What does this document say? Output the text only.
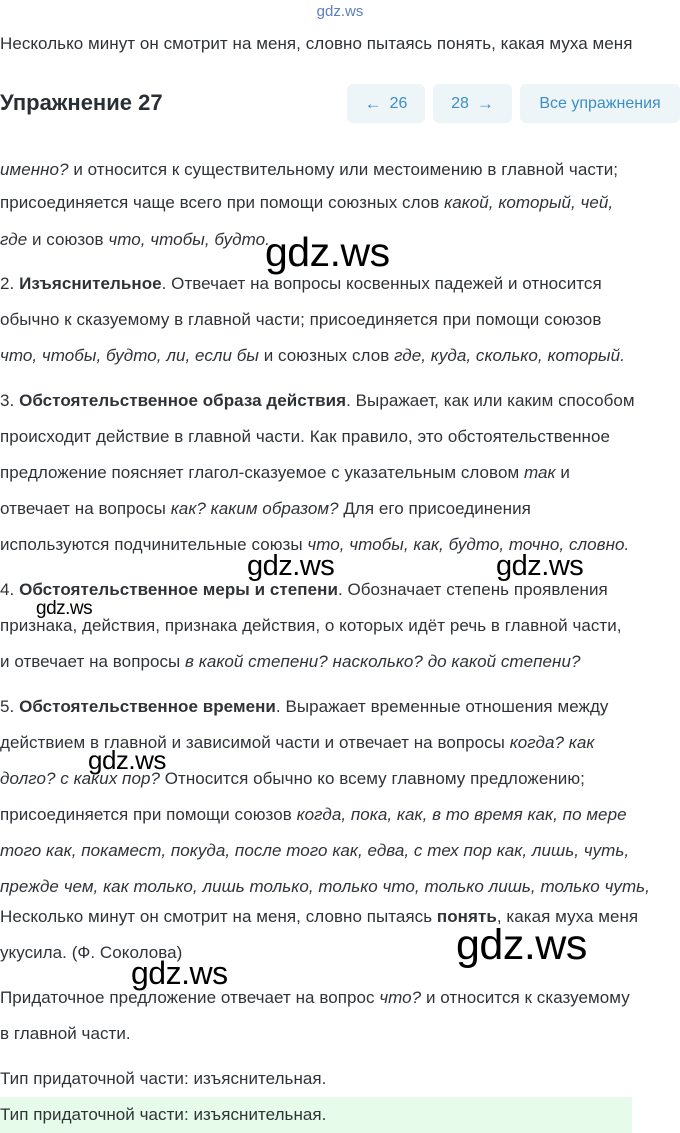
gdz.ws
Несколько минут он смотрит на меня, словно пытаясь понять, какая муха меня
Упражнение 27	← 26	28 →	Все упражнения
именно? и относится к существительному или местоимению в главной части;
присоединяется чаще всего при помощи союзных слов какой, который, чей,
где и союзов что, чтобы, будто.
2. Изъяснительное. Отвечает на вопросы косвенных падежей и относится
обычно к сказуемому в главной части; присоединяется при помощи союзов
что, чтобы, будто, ли, если бы и союзных слов где, куда, сколько, который.
3. Обстоятельственное образа действия. Выражает, как или каким способом
происходит действие в главной части. Как правило, это обстоятельственное
предложение поясняет глагол-сказуемое с указательным словом так и
отвечает на вопросы как? каким образом? Для его присоединения
используются подчинительные союзы что, чтобы, как, будто, точно, словно.
4. Обстоятельственное меры и степени. Обозначает степень проявления
признака, действия, признака действия, о которых идёт речь в главной части,
и отвечает на вопросы в какой степени? насколько? до какой степени?
5. Обстоятельственное времени. Выражает временные отношения между
действием в главной и зависимой части и отвечает на вопросы когда? как
долго? с каких пор? Относится обычно ко всему главному предложению;
присоединяется при помощи союзов когда, пока, как, в то время как, по мере
того как, покамест, покуда, после того как, едва, с тех пор как, лишь, чуть,
прежде чем, как только, лишь только, только что, только лишь, только чуть,
Несколько минут он смотрит на меня, словно пытаясь понять, какая муха меня
укусила. (Ф. Соколова)
Придаточное предложение отвечает на вопрос что? и относится к сказуемому
в главной части.
Тип придаточной части: изъяснительная.
Тип придаточной части: изъяснительная.
gdz.ws
gdz.ws	gdz.ws
gdz.ws
gdz.ws
gdz.ws
gdz.ws
